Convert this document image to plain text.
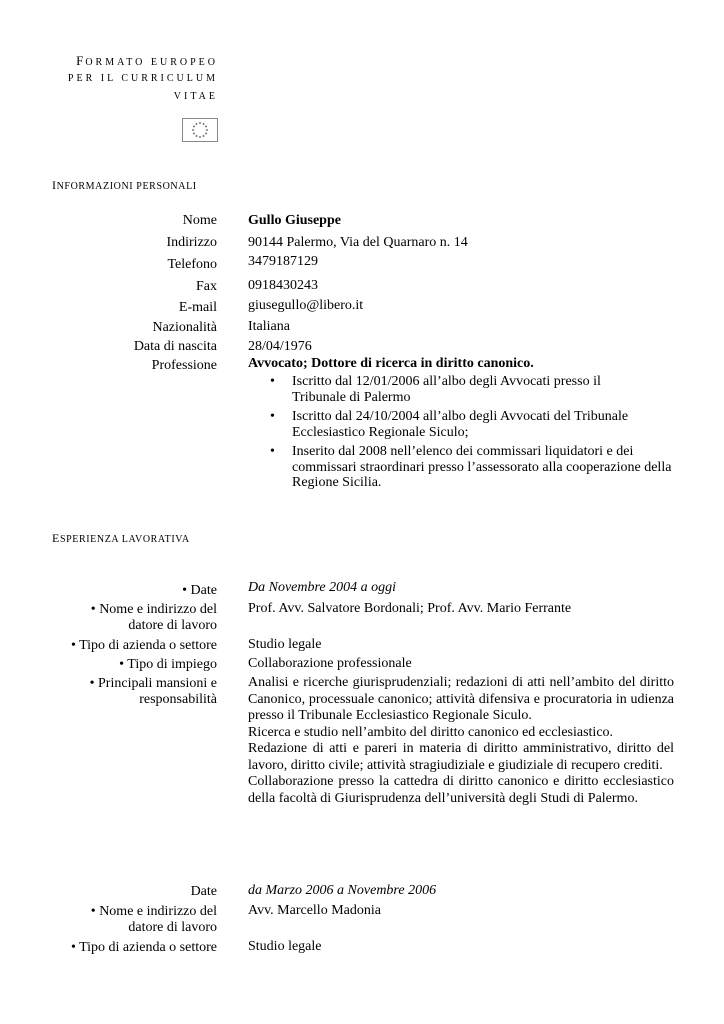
FORMATO EUROPEO
PER IL CURRICULUM
VITAE
INFORMAZIONI PERSONALI
Nome Gullo Giuseppe
Indirizzo 90144 Palermo, Via del Quarnaro n. 14
Telefono 3479187129
Fax 0918430243
E-mail giusegullo@libero.it
Nazionalità Italiana
Data di nascita 28/04/1976
Professione Avvocato; Dottore di ricerca in diritto canonico.
• Iscritto dal 12/01/2006 all’albo degli Avvocati presso il Tribunale di Palermo
• Iscritto dal 24/10/2004 all’albo degli Avvocati del Tribunale Ecclesiastico Regionale Siculo;
• Inserito dal 2008 nell’elenco dei commissari liquidatori e dei commissari straordinari presso l’assessorato alla cooperazione della Regione Sicilia.
ESPERIENZA LAVORATIVA
• Date Da Novembre 2004 a oggi
• Nome e indirizzo del
datore di lavoro
Prof. Avv. Salvatore Bordonali; Prof. Avv. Mario Ferrante
• Tipo di azienda o settore Studio legale
• Tipo di impiego Collaborazione professionale
• Principali mansioni e
responsabilità
Analisi e ricerche giurisprudenziali; redazioni di atti nell’ambito del diritto Canonico, processuale canonico; attività difensiva e procuratoria in udienza presso il Tribunale Ecclesiastico Regionale Siculo.
Ricerca e studio nell’ambito del diritto canonico ed ecclesiastico.
Redazione di atti e pareri in materia di diritto amministrativo, diritto del lavoro, diritto civile; attività stragiudiziale e giudiziale di recupero crediti.
Collaborazione presso la cattedra di diritto canonico e diritto ecclesiastico della facoltà di Giurisprudenza dell’università degli Studi di Palermo.
Date da Marzo 2006 a Novembre 2006
• Nome e indirizzo del
datore di lavoro
Avv. Marcello Madonia
• Tipo di azienda o settore Studio legale
